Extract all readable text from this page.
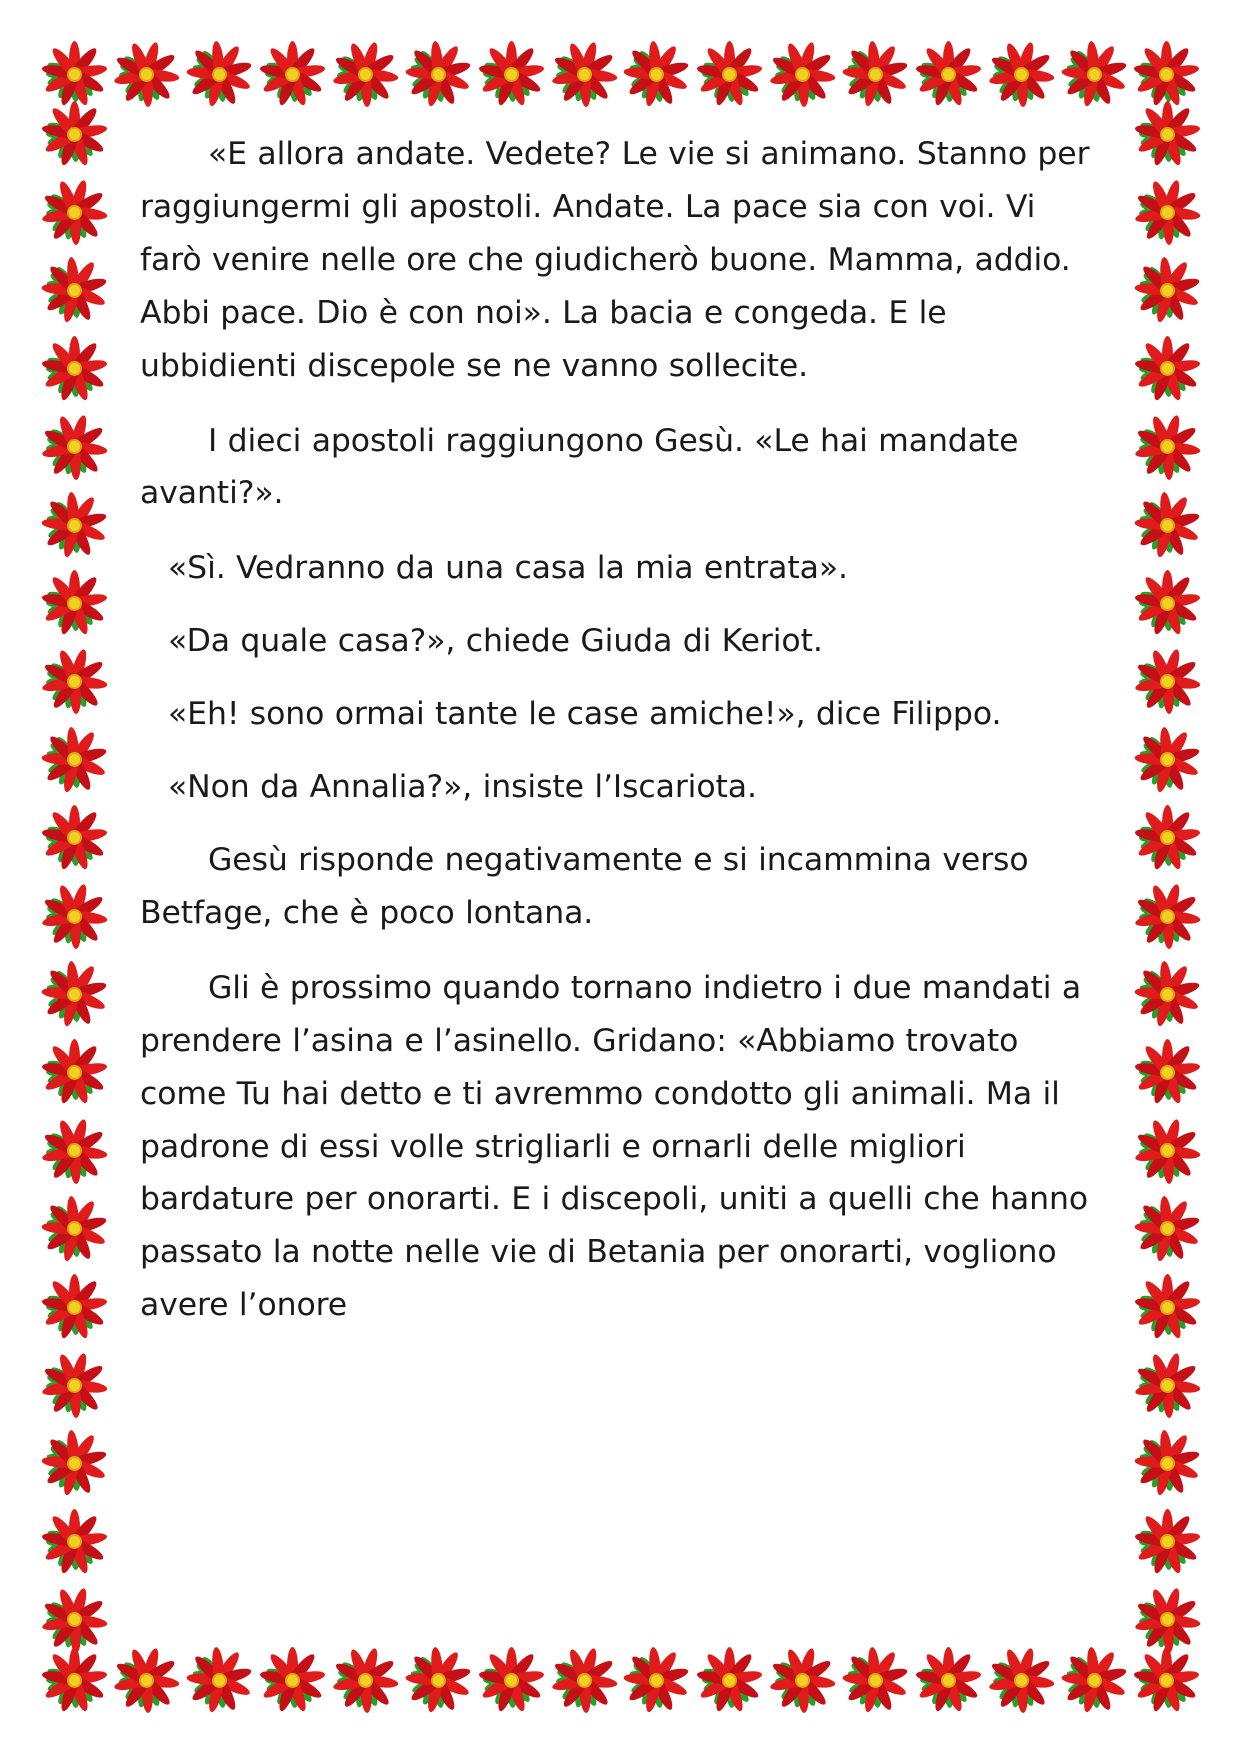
«E allora andate. Vedete? Le vie si animano. Stanno per raggiungermi gli apostoli. Andate. La pace sia con voi. Vi farò venire nelle ore che giudicherò buone. Mamma, addio. Abbi pace. Dio è con noi». La bacia e congeda. E le ubbidienti discepole se ne vanno sollecite.

I dieci apostoli raggiungono Gesù. «Le hai mandate avanti?».

«Sì. Vedranno da una casa la mia entrata».

«Da quale casa?», chiede Giuda di Keriot.

«Eh! sono ormai tante le case amiche!», dice Filippo.

«Non da Annalia?», insiste l’Iscariota.

Gesù risponde negativamente e si incammina verso Betfage, che è poco lontana.

Gli è prossimo quando tornano indietro i due mandati a prendere l’asina e l’asinello. Gridano: «Abbiamo trovato come Tu hai detto e ti avremmo condotto gli animali. Ma il padrone di essi volle strigliarli e ornarli delle migliori bardature per onorarti. E i discepoli, uniti a quelli che hanno passato la notte nelle vie di Betania per onorarti, vogliono avere l’onore
